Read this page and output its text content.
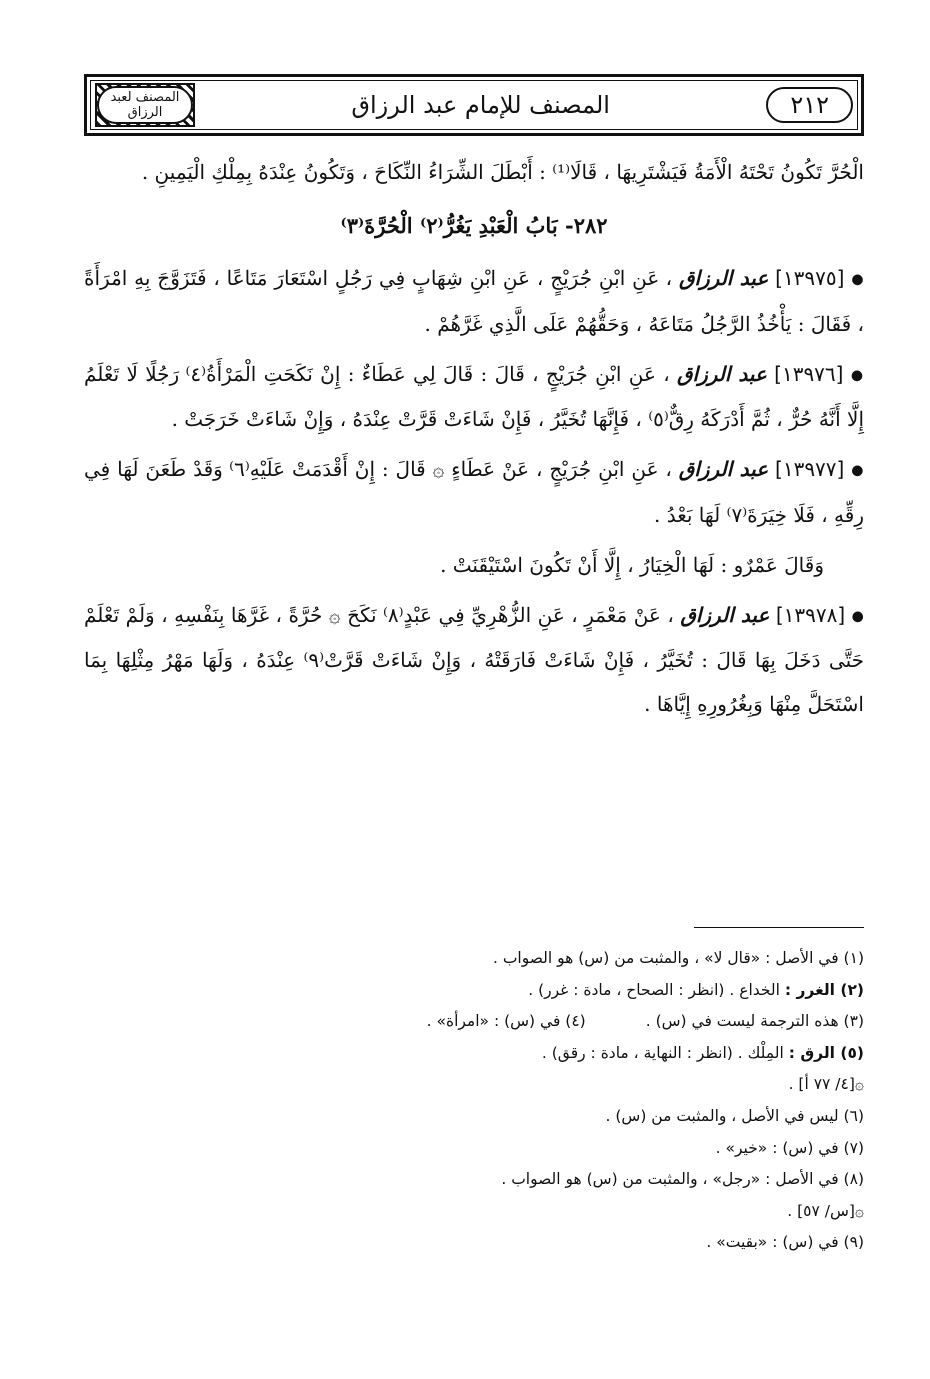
المصنف لعبد الرزاق	المصنف للإمام عبد الرزاق	٢١٢

الْحُرَّ تَكُونُ تَحْتَهُ الْأَمَةُ فَيَشْتَرِيهَا ، قَالَا⁽¹⁾ : أَبْطَلَ الشِّرَاءُ النِّكَاحَ ، وَتَكُونُ عِنْدَهُ بِمِلْكِ الْيَمِينِ .

٢٨٢- بَابُ الْعَبْدِ يَغُرُّ⁽٢⁾ الْحُرَّةَ⁽٣⁾

● [١٣٩٧٥] عبد الرزاق ، عَنِ ابْنِ جُرَيْجٍ ، عَنِ ابْنِ شِهَابٍ فِي رَجُلٍ اسْتَعَارَ مَتَاعًا ، فَتَزَوَّجَ بِهِ امْرَأَةً ، فَقَالَ : يَأْخُذُ الرَّجُلُ مَتَاعَهُ ، وَحَقُّهُمْ عَلَى الَّذِي غَرَّهُمْ .

● [١٣٩٧٦] عبد الرزاق ، عَنِ ابْنِ جُرَيْجٍ ، قَالَ : قَالَ لِي عَطَاءٌ : إِنْ نَكَحَتِ الْمَرْأَةُ⁽٤⁾ رَجُلًا لَا تَعْلَمُ إِلَّا أَنَّهُ حُرٌّ ، ثُمَّ أَدْرَكَهُ رِقٌّ⁽٥⁾ ، فَإِنَّهَا تُخَيَّرُ ، فَإِنْ شَاءَتْ قَرَّتْ عِنْدَهُ ، وَإِنْ شَاءَتْ خَرَجَتْ .

● [١٣٩٧٧] عبد الرزاق ، عَنِ ابْنِ جُرَيْجٍ ، عَنْ عَطَاءٍ ۞ قَالَ : إِنْ أَقْدَمَتْ عَلَيْهِ⁽٦⁾ وَقَدْ طَعَنَ لَهَا فِي رِقِّهِ ، فَلَا خِيَرَةَ⁽٧⁾ لَهَا بَعْدُ .

وَقَالَ عَمْرٌو : لَهَا الْخِيَارُ ، إِلَّا أَنْ تَكُونَ اسْتَيْقَنَتْ .

● [١٣٩٧٨] عبد الرزاق ، عَنْ مَعْمَرٍ ، عَنِ الزُّهْرِيِّ فِي عَبْدٍ⁽٨⁾ نَكَحَ ۞ حُرَّةً ، غَرَّهَا بِنَفْسِهِ ، وَلَمْ تَعْلَمْ حَتَّى دَخَلَ بِهَا قَالَ : تُخَيَّرُ ، فَإِنْ شَاءَتْ فَارَقَتْهُ ، وَإِنْ شَاءَتْ قَرَّتْ⁽٩⁾ عِنْدَهُ ، وَلَهَا مَهْرُ مِثْلِهَا بِمَا اسْتَحَلَّ مِنْهَا وَبِغُرُورِهِ إِيَّاهَا .

(١) في الأصل : «قال لا» ، والمثبت من (س) هو الصواب .

(٢) الغرر : الخداع . (انظر : الصحاح ، مادة : غرر) .

(٣) هذه الترجمة ليست في (س) .
(٤) في (س) : «امرأة» .

(٥) الرق : المِلْك . (انظر : النهاية ، مادة : رقق) .

۞[٤/ ٧٧ أ] .

(٦) ليس في الأصل ، والمثبت من (س) .

(٧) في (س) : «خير» .

(٨) في الأصل : «رجل» ، والمثبت من (س) هو الصواب .

۞[س/ ٥٧] .

(٩) في (س) : «بقيت» .
